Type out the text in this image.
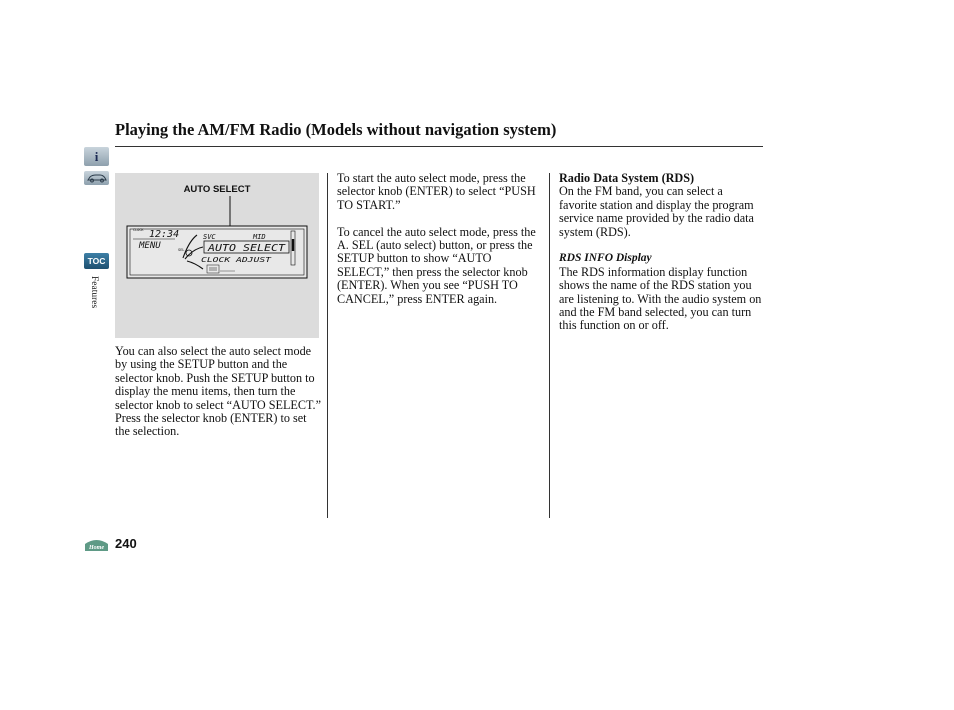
i
TOC
Features
Home
Playing the AM/FM Radio (Models without navigation system)
AUTO SELECT
CLOCK 12:34
MENU	SEL
SVC	MID
AUTO SELECT
CLOCK ADJUST

You can also select the auto select mode by using the SETUP button and the selector knob. Push the SETUP button to display the menu items, then turn the selector knob to select “AUTO SELECT.” Press the selector knob (ENTER) to set the selection.

To start the auto select mode, press the selector knob (ENTER) to select “PUSH TO START.”

To cancel the auto select mode, press the A. SEL (auto select) button, or press the SETUP button to show “AUTO SELECT,” then press the selector knob (ENTER). When you see “PUSH TO CANCEL,” press ENTER again.

Radio Data System (RDS)

On the FM band, you can select a favorite station and display the program service name provided by the radio data system (RDS).

RDS INFO Display

The RDS information display function shows the name of the RDS station you are listening to. With the audio system on and the FM band selected, you can turn this function on or off.

240
